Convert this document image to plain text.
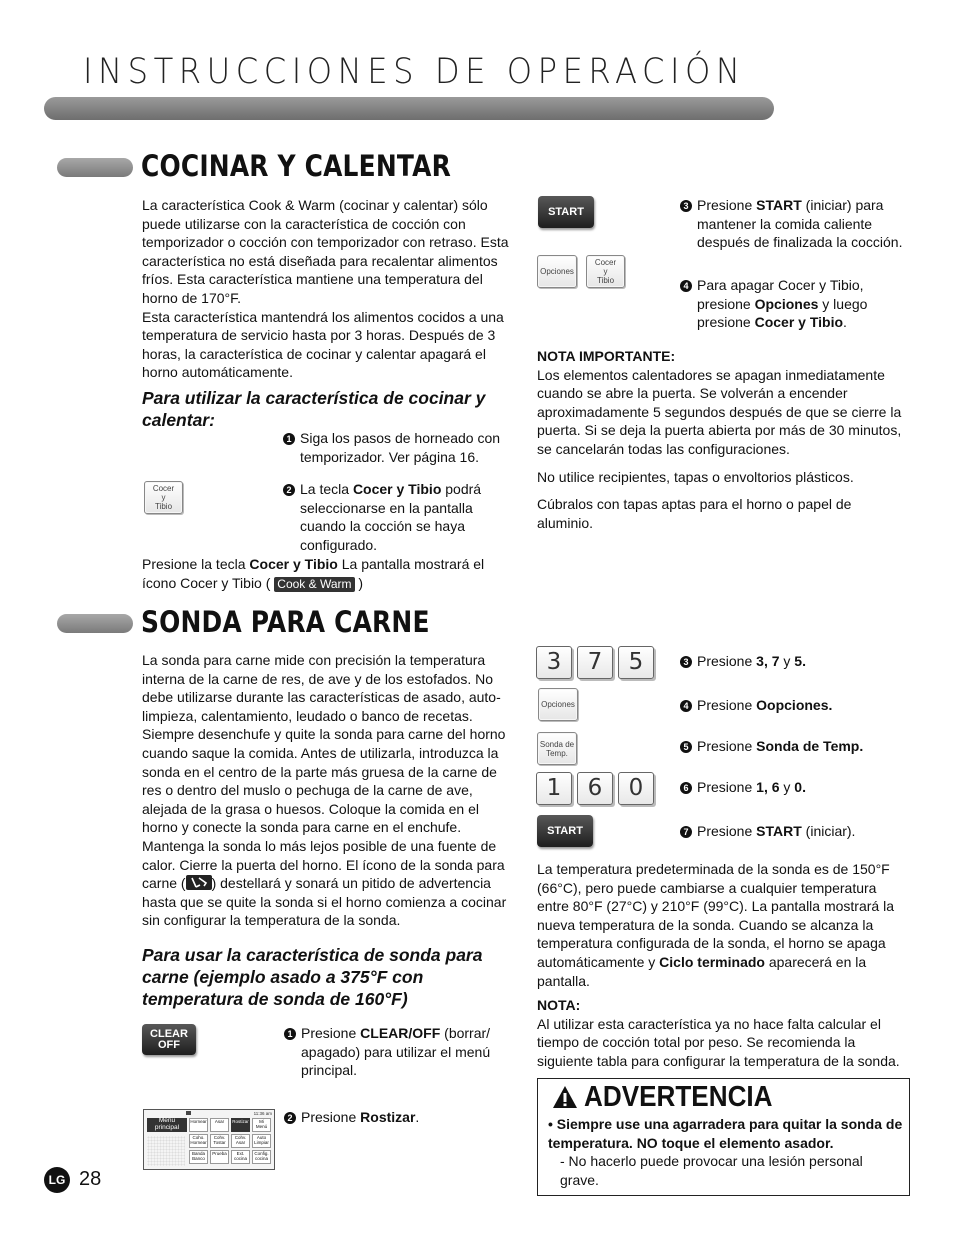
INSTRUCCIONES DE OPERACIÓN
COCINAR Y CALENTAR
La característica Cook & Warm (cocinar y calentar) sólo puede utilizarse con la característica de cocción con temporizador o cocción con temporizador con retraso. Esta característica no está diseñada para recalentar alimentos fríos. Esta característica mantiene una temperatura del horno de 170°F.
Esta característica mantendrá los alimentos cocidos a una temperatura de servicio hasta por 3 horas. Después de 3 horas, la característica de cocinar y calentar apagará el horno automáticamente.
Para utilizar la característica de cocinar y calentar:
1 Siga los pasos de horneado con temporizador. Ver página 16.
Cocer
y
Tibio
2 La tecla Cocer y Tibio podrá seleccionarse en la pantalla cuando la cocción se haya configurado.
Presione la tecla Cocer y Tibio La pantalla mostrará el ícono Cocer y Tibio ( Cook & Warm )
START
Opciones
Cocer
y
Tibio
3 Presione START (iniciar) para mantener la comida caliente después de finalizada la cocción.
4 Para apagar Cocer y Tibio, presione Opciones y luego presione Cocer y Tibio.
NOTA IMPORTANTE:
Los elementos calentadores se apagan inmediatamente cuando se abre la puerta. Se volverán a encender aproximadamente 5 segundos después de que se cierre la puerta. Si se deja la puerta abierta por más de 30 minutos, se cancelarán todas las configuraciones.
No utilice recipientes, tapas o envoltorios plásticos.
Cúbralos con tapas aptas para el horno o papel de aluminio.
SONDA PARA CARNE
La sonda para carne mide con precisión la temperatura interna de la carne de res, de ave y de los estofados. No debe utilizarse durante las características de asado, auto-limpieza, calentamiento, leudado o banco de recetas. Siempre desenchufe y quite la sonda para carne del horno cuando saque la comida. Antes de utilizarla, introduzca la sonda en el centro de la parte más gruesa de la carne de res o dentro del muslo o pechuga de la carne de ave, alejada de la grasa o huesos. Coloque la comida en el horno y conecte la sonda para carne en el enchufe. Mantenga la sonda lo más lejos posible de una fuente de calor. Cierre la puerta del horno. El ícono de la sonda para carne ( ) destellará y sonará un pitido de advertencia hasta que se quite la sonda si el horno comienza a cocinar sin configurar la temperatura de la sonda.
Para usar la característica de sonda para carne (ejemplo asado a 375°F con temperatura de sonda de 160°F)
CLEAR
OFF
1 Presione CLEAR/OFF (borrar/ apagado) para utilizar el menú principal.
11:36 am
Menu principal
Hornear	Asar	Rostizar	Mi Menú
Coho. Hornear
Cohv. Tostar
Cohv. Asar
Auto Limpiar
Banda Banco
Prueba	Ext. cocina
Config. cocina
2 Presione Rostizar.
3	7	5	3 Presione 3, 7 y 5.
Opciones	4 Presione Oopciones.
Sonda de
Temp.
5 Presione Sonda de Temp.
1	6	0	6 Presione 1, 6 y 0.
START	7 Presione START (iniciar).
La temperatura predeterminada de la sonda es de 150°F (66°C), pero puede cambiarse a cualquier temperatura entre 80°F (27°C) y 210°F (99°C). La pantalla mostrará la nueva temperatura de la sonda. Cuando se alcanza la temperatura configurada de la sonda, el horno se apaga automáticamente y Ciclo terminado aparecerá en la pantalla.
NOTA:
Al utilizar esta característica ya no hace falta calcular el tiempo de cocción total por peso. Se recomienda la siguiente tabla para configurar la temperatura de la sonda.
ADVERTENCIA
• Siempre use una agarradera para quitar la sonda de temperatura. NO toque el elemento asador.
- No hacerlo puede provocar una lesión personal grave.
LG 28
